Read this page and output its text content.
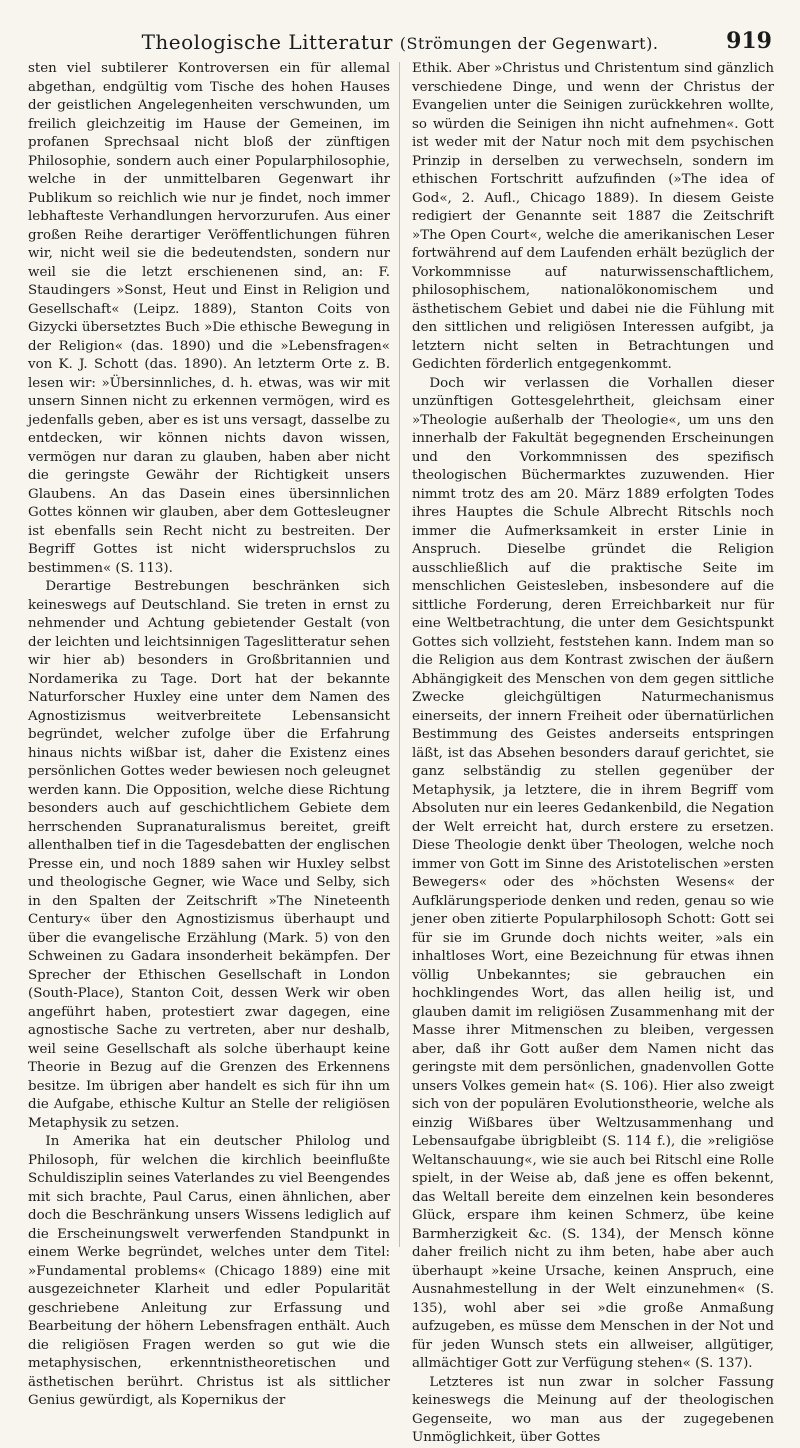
Theologische Litteratur (Strömungen der Gegenwart).	919

sten viel subtilerer Kontroversen ein für allemal abgethan, endgültig vom Tische des hohen Hauses der geistlichen Angelegenheiten verschwunden, um freilich gleichzeitig im Hause der Gemeinen, im profanen Sprechsaal nicht bloß der zünftigen Philosophie, sondern auch einer Popularphilosophie, welche in der unmittelbaren Gegenwart ihr Publikum so reichlich wie nur je findet, noch immer lebhafteste Verhandlungen hervorzurufen. Aus einer großen Reihe derartiger Veröffentlichungen führen wir, nicht weil sie die bedeutendsten, sondern nur weil sie die letzt erschienenen sind, an: F. Staudingers »Sonst, Heut und Einst in Religion und Gesellschaft« (Leipz. 1889), Stanton Coits von Gizycki übersetztes Buch »Die ethische Bewegung in der Religion« (das. 1890) und die »Lebensfragen« von K. J. Schott (das. 1890). An letzterm Orte z. B. lesen wir: »Übersinnliches, d. h. etwas, was wir mit unsern Sinnen nicht zu erkennen vermögen, wird es jedenfalls geben, aber es ist uns versagt, dasselbe zu entdecken, wir können nichts davon wissen, vermögen nur daran zu glauben, haben aber nicht die geringste Gewähr der Richtigkeit unsers Glaubens. An das Dasein eines übersinnlichen Gottes können wir glauben, aber dem Gottesleugner ist ebenfalls sein Recht nicht zu bestreiten. Der Begriff Gottes ist nicht widerspruchslos zu bestimmen« (S. 113).

Derartige Bestrebungen beschränken sich keineswegs auf Deutschland. Sie treten in ernst zu nehmender und Achtung gebietender Gestalt (von der leichten und leichtsinnigen Tageslitteratur sehen wir hier ab) besonders in Großbritannien und Nordamerika zu Tage. Dort hat der bekannte Naturforscher Huxley eine unter dem Namen des Agnostizismus weitverbreitete Lebensansicht begründet, welcher zufolge über die Erfahrung hinaus nichts wißbar ist, daher die Existenz eines persönlichen Gottes weder bewiesen noch geleugnet werden kann. Die Opposition, welche diese Richtung besonders auch auf geschichtlichem Gebiete dem herrschenden Supranaturalismus bereitet, greift allenthalben tief in die Tagesdebatten der englischen Presse ein, und noch 1889 sahen wir Huxley selbst und theologische Gegner, wie Wace und Selby, sich in den Spalten der Zeitschrift »The Nineteenth Century« über den Agnostizismus überhaupt und über die evangelische Erzählung (Mark. 5) von den Schweinen zu Gadara insonderheit bekämpfen. Der Sprecher der Ethischen Gesellschaft in London (South-Place), Stanton Coit, dessen Werk wir oben angeführt haben, protestiert zwar dagegen, eine agnostische Sache zu vertreten, aber nur deshalb, weil seine Gesellschaft als solche überhaupt keine Theorie in Bezug auf die Grenzen des Erkennens besitze. Im übrigen aber handelt es sich für ihn um die Aufgabe, ethische Kultur an Stelle der religiösen Metaphysik zu setzen.

In Amerika hat ein deutscher Philolog und Philosoph, für welchen die kirchlich beeinflußte Schuldisziplin seines Vaterlandes zu viel Beengendes mit sich brachte, Paul Carus, einen ähnlichen, aber doch die Beschränkung unsers Wissens lediglich auf die Erscheinungswelt verwerfenden Standpunkt in einem Werke begründet, welches unter dem Titel: »Fundamental problems« (Chicago 1889) eine mit ausgezeichneter Klarheit und edler Popularität geschriebene Anleitung zur Erfassung und Bearbeitung der höhern Lebensfragen enthält. Auch die religiösen Fragen werden so gut wie die metaphysischen, erkenntnistheoretischen und ästhetischen berührt. Christus ist als sittlicher Genius gewürdigt, als Kopernikus der

Ethik. Aber »Christus und Christentum sind gänzlich verschiedene Dinge, und wenn der Christus der Evangelien unter die Seinigen zurückkehren wollte, so würden die Seinigen ihn nicht aufnehmen«. Gott ist weder mit der Natur noch mit dem psychischen Prinzip in derselben zu verwechseln, sondern im ethischen Fortschritt aufzufinden (»The idea of God«, 2. Aufl., Chicago 1889). In diesem Geiste redigiert der Genannte seit 1887 die Zeitschrift »The Open Court«, welche die amerikanischen Leser fortwährend auf dem Laufenden erhält bezüglich der Vorkommnisse auf naturwissenschaftlichem, philosophischem, nationalökonomischem und ästhetischem Gebiet und dabei nie die Fühlung mit den sittlichen und religiösen Interessen aufgibt, ja letztern nicht selten in Betrachtungen und Gedichten förderlich entgegenkommt.

Doch wir verlassen die Vorhallen dieser unzünftigen Gottesgelehrtheit, gleichsam einer »Theologie außerhalb der Theologie«, um uns den innerhalb der Fakultät begegnenden Erscheinungen und den Vorkommnissen des spezifisch theologischen Büchermarktes zuzuwenden. Hier nimmt trotz des am 20. März 1889 erfolgten Todes ihres Hauptes die Schule Albrecht Ritschls noch immer die Aufmerksamkeit in erster Linie in Anspruch. Dieselbe gründet die Religion ausschließlich auf die praktische Seite im menschlichen Geistesleben, insbesondere auf die sittliche Forderung, deren Erreichbarkeit nur für eine Weltbetrachtung, die unter dem Gesichtspunkt Gottes sich vollzieht, feststehen kann. Indem man so die Religion aus dem Kontrast zwischen der äußern Abhängigkeit des Menschen von dem gegen sittliche Zwecke gleichgültigen Naturmechanismus einerseits, der innern Freiheit oder übernatürlichen Bestimmung des Geistes anderseits entspringen läßt, ist das Absehen besonders darauf gerichtet, sie ganz selbständig zu stellen gegenüber der Metaphysik, ja letztere, die in ihrem Begriff vom Absoluten nur ein leeres Gedankenbild, die Negation der Welt erreicht hat, durch erstere zu ersetzen. Diese Theologie denkt über Theologen, welche noch immer von Gott im Sinne des Aristotelischen »ersten Bewegers« oder des »höchsten Wesens« der Aufklärungsperiode denken und reden, genau so wie jener oben zitierte Popularphilosoph Schott: Gott sei für sie im Grunde doch nichts weiter, »als ein inhaltloses Wort, eine Bezeichnung für etwas ihnen völlig Unbekanntes; sie gebrauchen ein hochklingendes Wort, das allen heilig ist, und glauben damit im religiösen Zusammenhang mit der Masse ihrer Mitmenschen zu bleiben, vergessen aber, daß ihr Gott außer dem Namen nicht das geringste mit dem persönlichen, gnadenvollen Gotte unsers Volkes gemein hat« (S. 106). Hier also zweigt sich von der populären Evolutionstheorie, welche als einzig Wißbares über Weltzusammenhang und Lebensaufgabe übrigbleibt (S. 114 f.), die »religiöse Weltanschauung«, wie sie auch bei Ritschl eine Rolle spielt, in der Weise ab, daß jene es offen bekennt, das Weltall bereite dem einzelnen kein besonderes Glück, erspare ihm keinen Schmerz, übe keine Barmherzigkeit &c. (S. 134), der Mensch könne daher freilich nicht zu ihm beten, habe aber auch überhaupt »keine Ursache, keinen Anspruch, eine Ausnahmestellung in der Welt einzunehmen« (S. 135), wohl aber sei »die große Anmaßung aufzugeben, es müsse dem Menschen in der Not und für jeden Wunsch stets ein allweiser, allgütiger, allmächtiger Gott zur Verfügung stehen« (S. 137).

Letzteres ist nun zwar in solcher Fassung keineswegs die Meinung auf der theologischen Gegenseite, wo man aus der zugegebenen Unmöglichkeit, über Gottes
